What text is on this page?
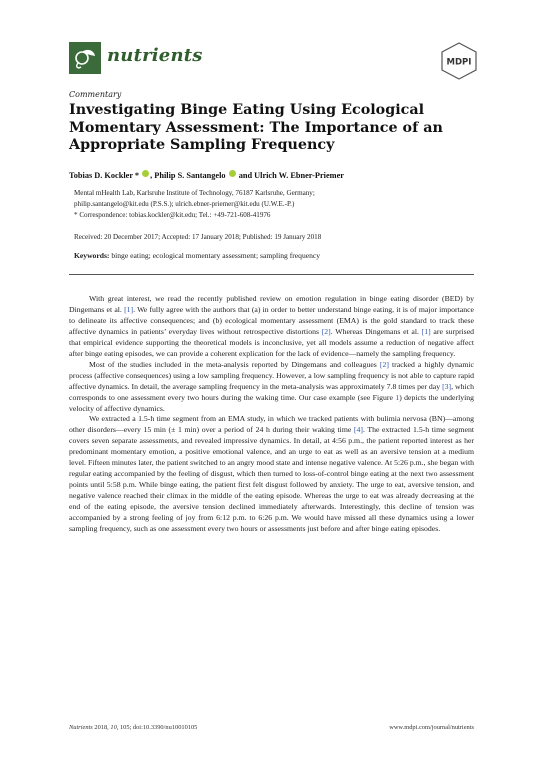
nutrients	MDPI
Commentary
Investigating Binge Eating Using Ecological Momentary Assessment: The Importance of an Appropriate Sampling Frequency
Tobias D. Kockler * , Philip S. Santangelo  and Ulrich W. Ebner-Priemer
Mental mHealth Lab, Karlsruhe Institute of Technology, 76187 Karlsruhe, Germany;
philip.santangelo@kit.edu (P.S.S.); ulrich.ebner-priemer@kit.edu (U.W.E.-P.)
* Correspondence: tobias.kockler@kit.edu; Tel.: +49-721-608-41976
Received: 20 December 2017; Accepted: 17 January 2018; Published: 19 January 2018
Keywords: binge eating; ecological momentary assessment; sampling frequency

With great interest, we read the recently published review on emotion regulation in binge eating disorder (BED) by Dingemans et al. [1]. We fully agree with the authors that (a) in order to better understand binge eating, it is of major importance to delineate its affective consequences; and (b) ecological momentary assessment (EMA) is the gold standard to track these affective dynamics in patients’ everyday lives without retrospective distortions [2]. Whereas Dingemans et al. [1] are surprised that empirical evidence supporting the theoretical models is inconclusive, yet all models assume a reduction of negative affect after binge eating episodes, we can provide a coherent explication for the lack of evidence—namely the sampling frequency.

Most of the studies included in the meta-analysis reported by Dingemans and colleagues [2] tracked a highly dynamic process (affective consequences) using a low sampling frequency. However, a low sampling frequency is not able to capture rapid affective dynamics. In detail, the average sampling frequency in the meta-analysis was approximately 7.8 times per day [3], which corresponds to one assessment every two hours during the waking time. Our case example (see Figure 1) depicts the underlying velocity of affective dynamics.

We extracted a 1.5-h time segment from an EMA study, in which we tracked patients with bulimia nervosa (BN)—among other disorders—every 15 min (± 1 min) over a period of 24 h during their waking time [4]. The extracted 1.5-h time segment covers seven separate assessments, and revealed impressive dynamics. In detail, at 4:56 p.m., the patient reported interest as her predominant momentary emotion, a positive emotional valence, and an urge to eat as well as an aversive tension at a medium level. Fifteen minutes later, the patient switched to an angry mood state and intense negative valence. At 5:26 p.m., she began with regular eating accompanied by the feeling of disgust, which then turned to loss-of-control binge eating at the next two assessment points until 5:58 p.m. While binge eating, the patient first felt disgust followed by anxiety. The urge to eat, aversive tension, and negative valence reached their climax in the middle of the eating episode. Whereas the urge to eat was already decreasing at the end of the eating episode, the aversive tension declined immediately afterwards. Interestingly, this decline of tension was accompanied by a strong feeling of joy from 6:12 p.m. to 6:26 p.m. We would have missed all these dynamics using a lower sampling frequency, such as one assessment every two hours or assessments just before and after binge eating episodes.

Nutrients 2018, 10, 105; doi:10.3390/nu10010105	www.mdpi.com/journal/nutrients
